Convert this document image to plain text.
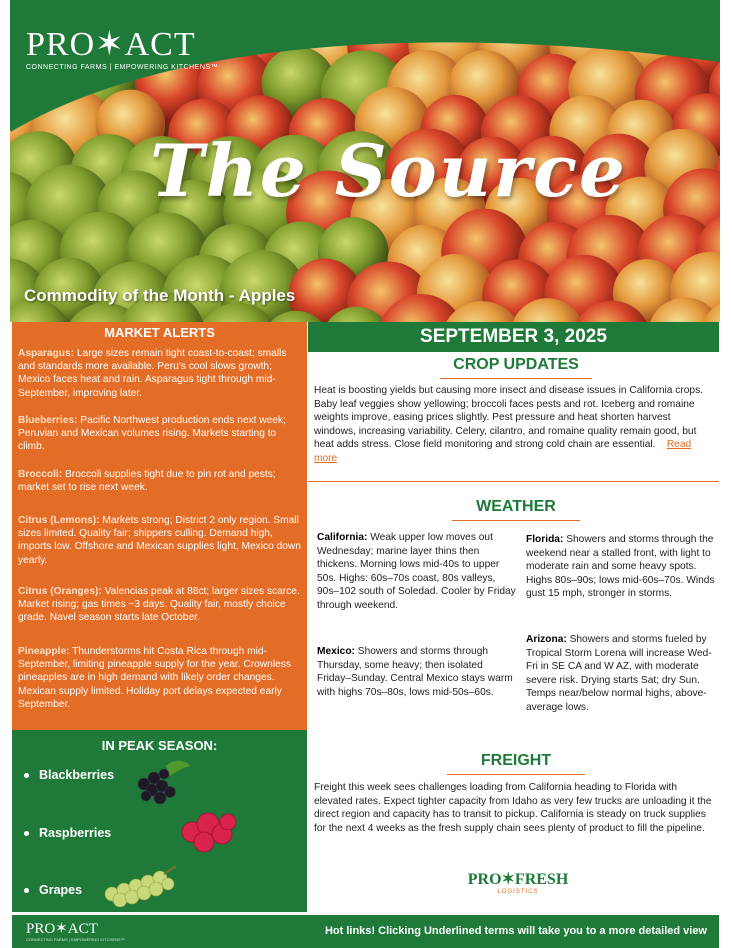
PRO✶ACT
CONNECTING FARMS | EMPOWERING KITCHENS™
The Source
Commodity of the Month - Apples
MARKET ALERTS
Asparagus: Large sizes remain tight coast-to-coast; smalls and standards more available. Peru's cool slows growth; Mexico faces heat and rain. Asparagus tight through mid-September, improving later.
Blueberries: Pacific Northwest production ends next week; Peruvian and Mexican volumes rising. Markets starting to climb.
Broccoli: Broccoli supplies tight due to pin rot and pests; market set to rise next week.
Citrus (Lemons): Markets strong; District 2 only region. Small sizes limited. Quality fair; shippers culling. Demand high, imports low. Offshore and Mexican supplies light, Mexico down yearly.
Citrus (Oranges): Valencias peak at 88ct; larger sizes scarce. Market rising; gas times ~3 days. Quality fair, mostly choice grade. Navel season starts late October.
Pineapple: Thunderstorms hit Costa Rica through mid-September, limiting pineapple supply for the year. Crownless pineapples are in high demand with likely order changes. Mexican supply limited. Holiday port delays expected early September.
IN PEAK SEASON:
Blackberries
Raspberries
Grapes
SEPTEMBER 3, 2025
CROP UPDATES
Heat is boosting yields but causing more insect and disease issues in California crops. Baby leaf veggies show yellowing; broccoli faces pests and rot. Iceberg and romaine weights improve, easing prices slightly. Pest pressure and heat shorten harvest windows, increasing variability. Celery, cilantro, and romaine quality remain good, but heat adds stress. Close field monitoring and strong cold chain are essential. Read more
WEATHER
California: Weak upper low moves out Wednesday; marine layer thins then thickens. Morning lows mid-40s to upper 50s. Highs: 60s–70s coast, 80s valleys, 90s–102 south of Soledad. Cooler by Friday through weekend.
Mexico: Showers and storms through Thursday, some heavy; then isolated Friday–Sunday. Central Mexico stays warm with highs 70s–80s, lows mid-50s–60s.
Florida: Showers and storms through the weekend near a stalled front, with light to moderate rain and some heavy spots. Highs 80s–90s; lows mid-60s–70s. Winds gust 15 mph, stronger in storms.
Arizona: Showers and storms fueled by Tropical Storm Lorena will increase Wed-Fri in SE CA and W AZ, with moderate severe risk. Drying starts Sat; dry Sun. Temps near/below normal highs, above-average lows.
FREIGHT
Freight this week sees challenges loading from California heading to Florida with elevated rates. Expect tighter capacity from Idaho as very few trucks are unloading it the direct region and capacity has to transit to pickup. California is steady on truck supplies for the next 4 weeks as the fresh supply chain sees plenty of product to fill the pipeline.
PRO✶FRESH
LOGISTICS
PRO✶ACT
CONNECTING FARMS | EMPOWERING KITCHENS™
Hot links! Clicking Underlined terms will take you to a more detailed view
